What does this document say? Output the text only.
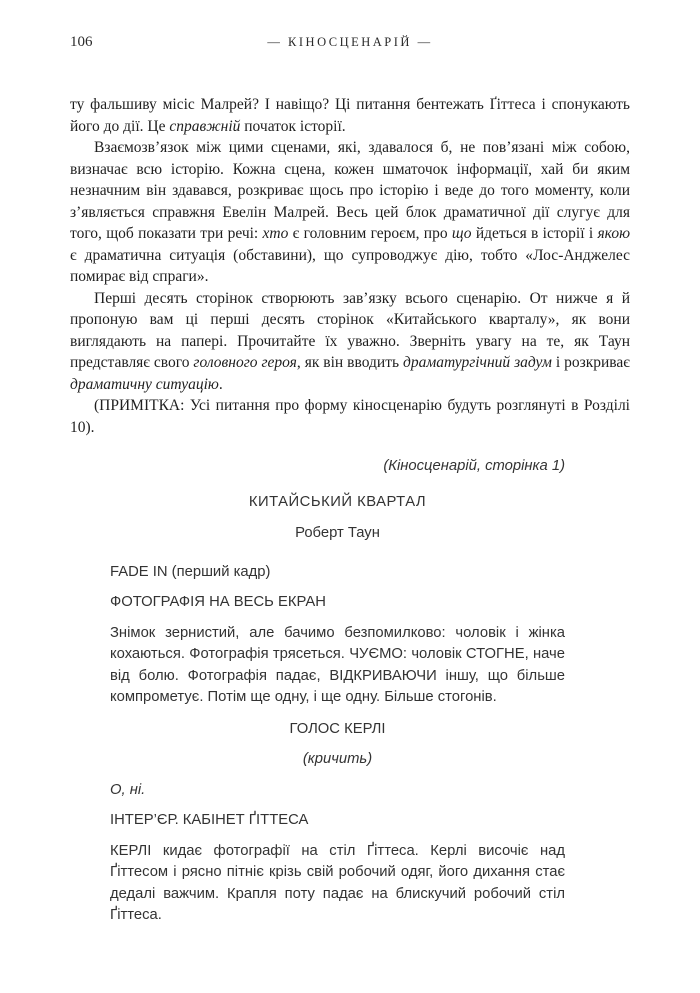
106	— КІНОСЦЕНАРІЙ —

ту фальшиву місіс Малрей? І навіщо? Ці питання бентежать Ґіттеса і спонукають його до дії. Це справжній початок історії.

Взаємозв’язок між цими сценами, які, здавалося б, не пов’язані між собою, визначає всю історію. Кожна сцена, кожен шматочок інформації, хай би яким незначним він здавався, розкриває щось про історію і веде до того моменту, коли з’являється справжня Евелін Малрей. Весь цей блок драматичної дії слугує для того, щоб показати три речі: хто є головним героєм, про що йдеться в історії і якою є драматична ситуація (обставини), що супроводжує дію, тобто «Лос-Анджелес помирає від спраги».

Перші десять сторінок створюють зав’язку всього сценарію. От нижче я й пропоную вам ці перші десять сторінок «Китайського кварталу», як вони виглядають на папері. Прочитайте їх уважно. Зверніть увагу на те, як Таун представляє свого головного героя, як він вводить драматургічний задум і розкриває драматичну ситуацію.

(ПРИМІТКА: Усі питання про форму кіносценарію будуть розглянуті в Розділі 10).

(Кіносценарій, сторінка 1)
КИТАЙСЬКИЙ КВАРТАЛ
Роберт Таун
FADE IN (перший кадр)
ФОТОГРАФІЯ НА ВЕСЬ ЕКРАН
Знімок зернистий, але бачимо безпомилково: чоловік і жінка кохаються. Фотографія трясеться. ЧУЄМО: чоловік СТОГНЕ, наче від болю. Фотографія падає, ВІДКРИВАЮЧИ іншу, що більше компрометує. Потім ще одну, і ще одну. Більше стогонів.
ГОЛОС КЕРЛІ
(кричить)
О, ні.
ІНТЕР’ЄР. КАБІНЕТ ҐІТТЕСА
КЕРЛІ кидає фотографії на стіл Ґіттеса. Керлі височіє над Ґіттесом і рясно пітніє крізь свій робочий одяг, його дихання стає дедалі важчим. Крапля поту падає на блискучий робочий стіл Ґіттеса.
